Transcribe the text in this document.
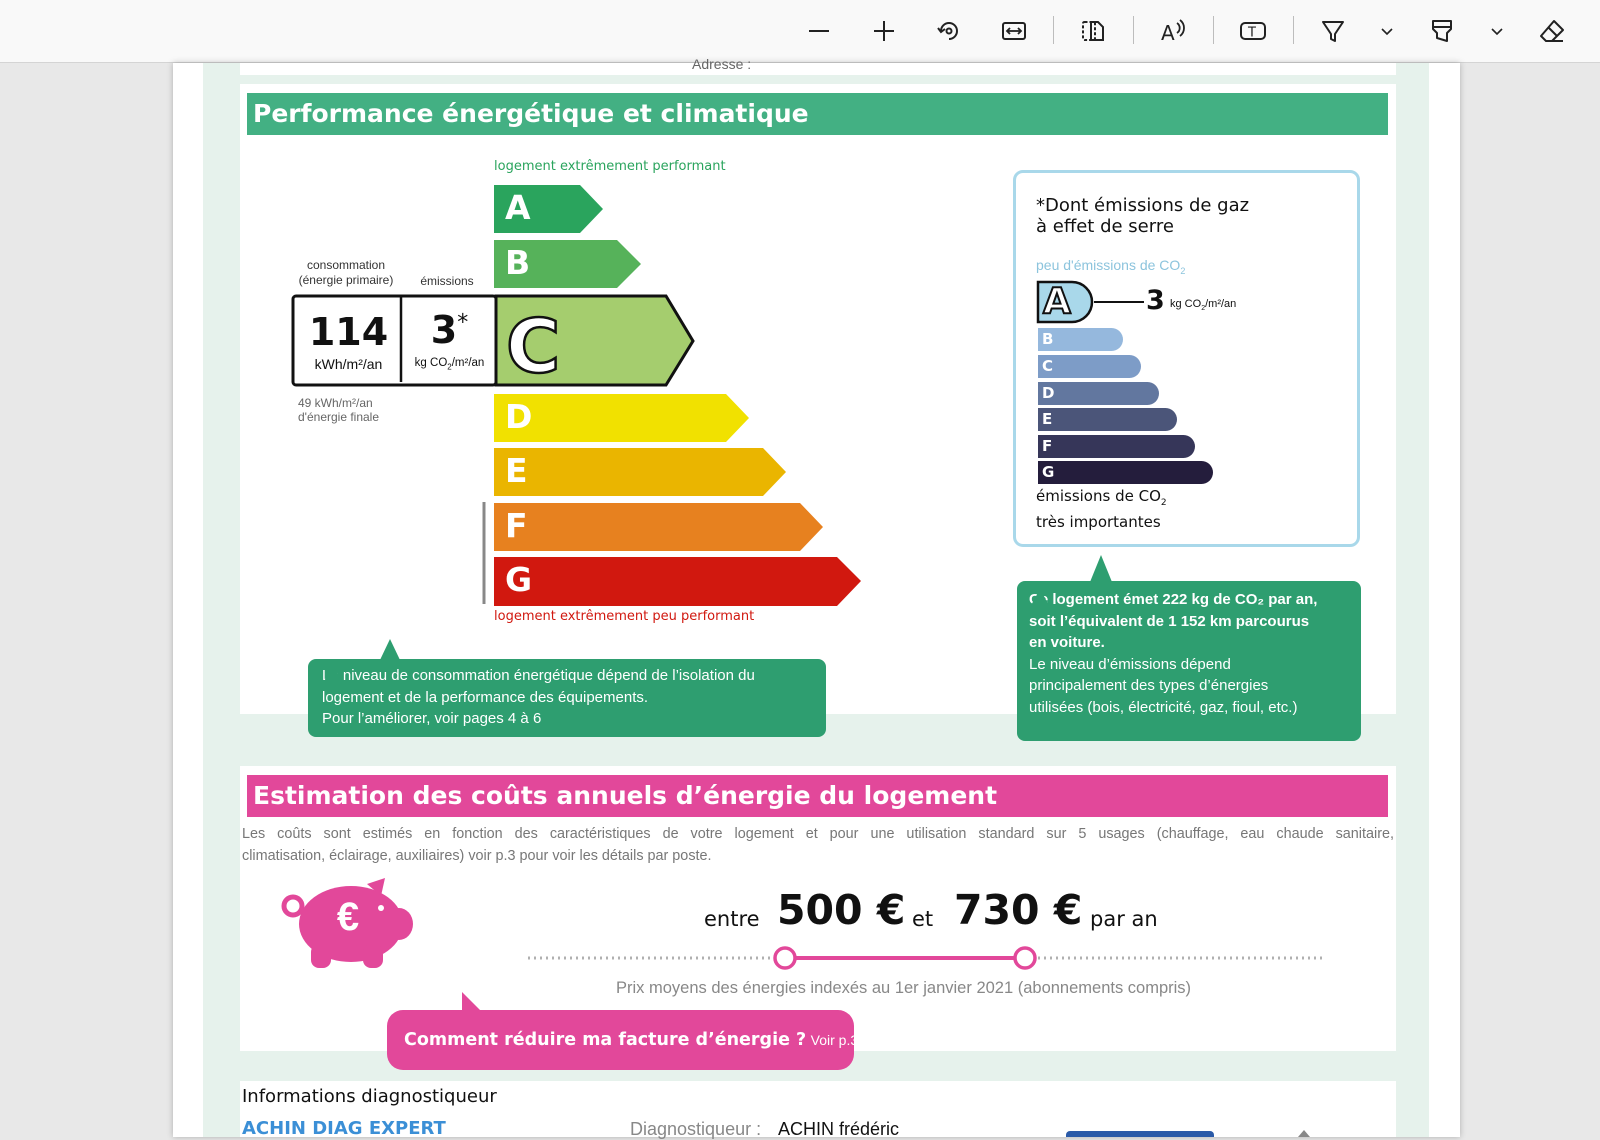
A	T
Performance énergétique et climatique
logement extrêmement performant
logement extrêmement peu performant
C
A
B
D
E
F
G
consommation
(énergie primaire)	émissions
114
kWh/m²/an
3*
kg $CO_2/m^2/an$
49 kWh/m²/an
d'énergie finale
Le niveau de consommation énergétique dépend de l’isolation du
logement et de la performance des équipements.
Pour l’améliorer, voir pages 4 à 6
*Dont émissions de gaz
à effet de serre
peu d'émissions de $CO_2$
A	3 kg $CO_2/m^2/an$
B
C
D
E
F
G
émissions de $CO_2$
très importantes
Ce logement émet 222 kg de CO₂ par an,
soit l’équivalent de 1 152 km parcourus
en voiture.
Le niveau d’émissions dépend
principalement des types d’énergies
utilisées (bois, électricité, gaz, fioul, etc.)
Estimation des coûts annuels d’énergie du logement
Les coûts sont estimés en fonction des caractéristiques de votre logement et pour une utilisation standard sur 5 usages (chauffage, eau chaude sanitaire,
climatisation, éclairage, auxiliaires) voir p.3 pour voir les détails par poste.
€	entre 500 € et 730 € par an
Prix moyens des énergies indexés au 1er janvier 2021 (abonnements compris)
Comment réduire ma facture d’énergie ? Voir p.3
Informations diagnostiqueur
ACHIN DIAG EXPERT	Diagnostiqueur : ACHIN frédéric
